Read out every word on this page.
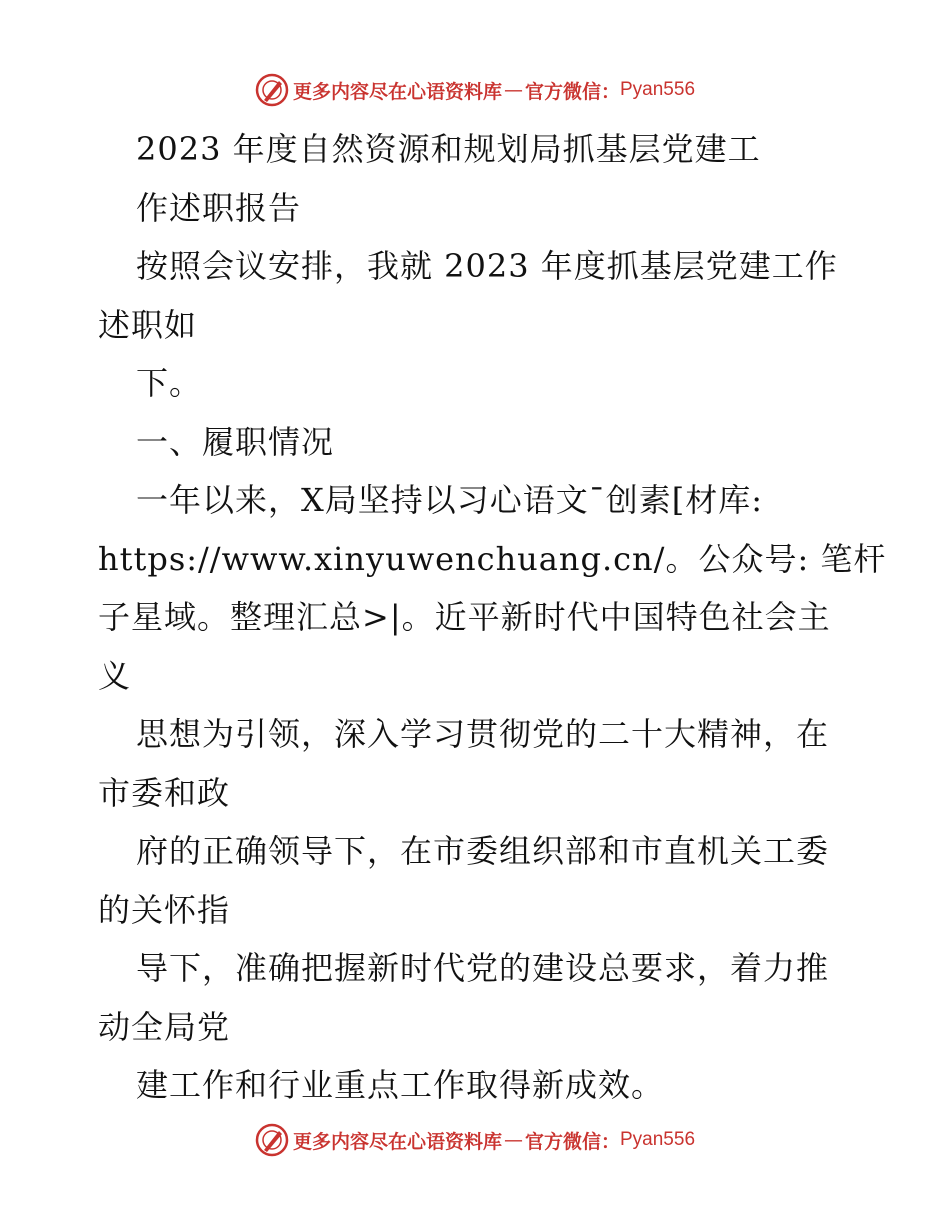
更多内容尽在心语资料库 — 官方微信： Pyan556
2023 年度自然资源和规划局抓基层党建工
作述职报告
按照会议安排，我就 2023 年度抓基层党建工作
述职如
下。
一、履职情况
一年以来，X局坚持以习心语文¯创素[材库:
https://www.xinyuwenchuang.cn/。公众号: 笔杆
子星域。整理汇总>|。近平新时代中国特色社会主
义
思想为引领，深入学习贯彻党的二十大精神，在
市委和政
府的正确领导下，在市委组织部和市直机关工委
的关怀指
导下，准确把握新时代党的建设总要求，着力推
动全局党
建工作和行业重点工作取得新成效。
更多内容尽在心语资料库 — 官方微信： Pyan556
